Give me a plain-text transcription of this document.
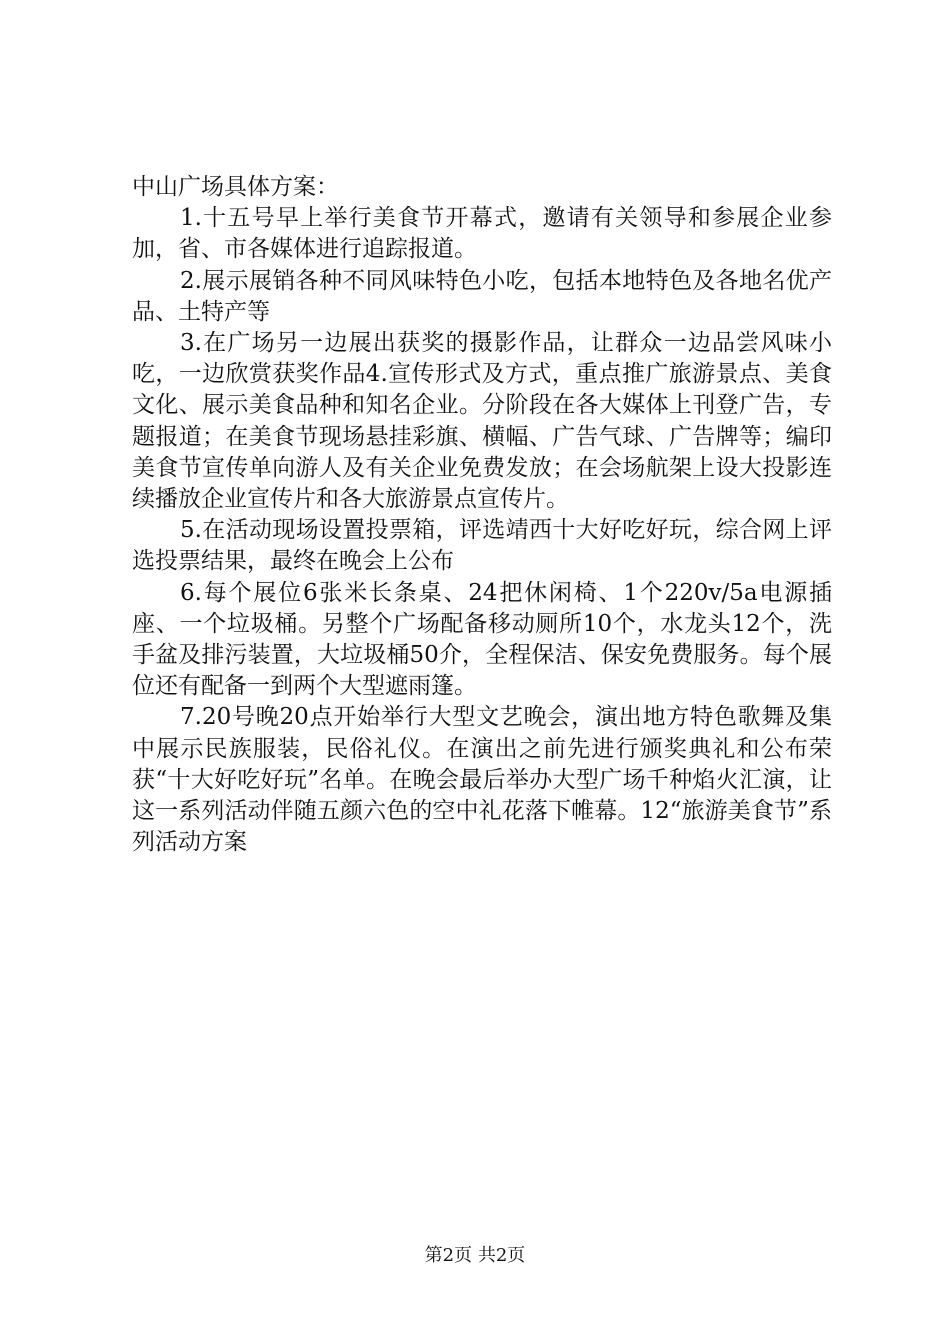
中山广场具体方案：

1.十五号早上举行美食节开幕式，邀请有关领导和参展企业参加，省、市各媒体进行追踪报道。

2.展示展销各种不同风味特色小吃，包括本地特色及各地名优产品、土特产等

3.在广场另一边展出获奖的摄影作品，让群众一边品尝风味小吃，一边欣赏获奖作品4.宣传形式及方式，重点推广旅游景点、美食文化、展示美食品种和知名企业。分阶段在各大媒体上刊登广告，专题报道；在美食节现场悬挂彩旗、横幅、广告气球、广告牌等；编印美食节宣传单向游人及有关企业免费发放；在会场航架上设大投影连续播放企业宣传片和各大旅游景点宣传片。

5.在活动现场设置投票箱，评选靖西十大好吃好玩，综合网上评选投票结果，最终在晚会上公布

6.每个展位6张米长条桌、24把休闲椅、1个220v/5a电源插座、一个垃圾桶。另整个广场配备移动厕所10个，水龙头12个，洗手盆及排污装置，大垃圾桶50介，全程保洁、保安免费服务。每个展位还有配备一到两个大型遮雨篷。

7.20号晚20点开始举行大型文艺晚会，演出地方特色歌舞及集中展示民族服装，民俗礼仪。在演出之前先进行颁奖典礼和公布荣获“十大好吃好玩”名单。在晚会最后举办大型广场千种焰火汇演，让这一系列活动伴随五颜六色的空中礼花落下帷幕。12“旅游美食节”系列活动方案

第2页 共2页
